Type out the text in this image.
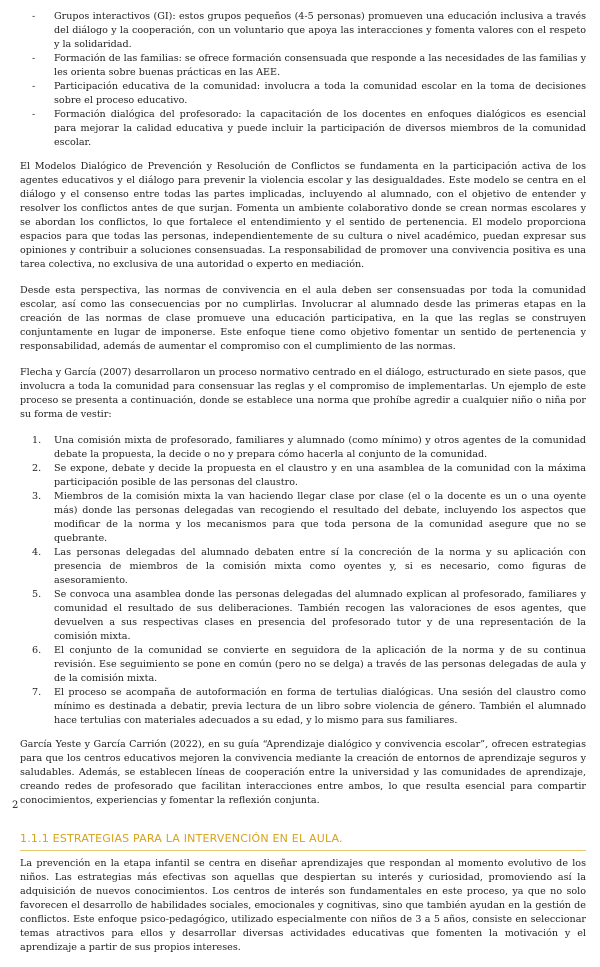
- Grupos interactivos (GI): estos grupos pequeños (4-5 personas) promueven una educación inclusiva a través del diálogo y la cooperación, con un voluntario que apoya las interacciones y fomenta valores con el respeto y la solidaridad.
- Formación de las familias: se ofrece formación consensuada que responde a las necesidades de las familias y les orienta sobre buenas prácticas en las AEE.
- Participación educativa de la comunidad: involucra a toda la comunidad escolar en la toma de decisiones sobre el proceso educativo.
- Formación dialógica del profesorado: la capacitación de los docentes en enfoques dialógicos es esencial para mejorar la calidad educativa y puede incluir la participación de diversos miembros de la comunidad escolar.

El Modelos Dialógico de Prevención y Resolución de Conflictos se fundamenta en la participación activa de los agentes educativos y el diálogo para prevenir la violencia escolar y las desigualdades. Este modelo se centra en el diálogo y el consenso entre todas las partes implicadas, incluyendo al alumnado, con el objetivo de entender y resolver los conflictos antes de que surjan. Fomenta un ambiente colaborativo donde se crean normas escolares y se abordan los conflictos, lo que fortalece el entendimiento y el sentido de pertenencia. El modelo proporciona espacios para que todas las personas, independientemente de su cultura o nivel académico, puedan expresar sus opiniones y contribuir a soluciones consensuadas. La responsabilidad de promover una convivencia positiva es una tarea colectiva, no exclusiva de una autoridad o experto en mediación.

Desde esta perspectiva, las normas de convivencia en el aula deben ser consensuadas por toda la comunidad escolar, así como las consecuencias por no cumplirlas. Involucrar al alumnado desde las primeras etapas en la creación de las normas de clase promueve una educación participativa, en la que las reglas se construyen conjuntamente en lugar de imponerse. Este enfoque tiene como objetivo fomentar un sentido de pertenencia y responsabilidad, además de aumentar el compromiso con el cumplimiento de las normas.

Flecha y García (2007) desarrollaron un proceso normativo centrado en el diálogo, estructurado en siete pasos, que involucra a toda la comunidad para consensuar las reglas y el compromiso de implementarlas. Un ejemplo de este proceso se presenta a continuación, donde se establece una norma que prohíbe agredir a cualquier niño o niña por su forma de vestir:

1. Una comisión mixta de profesorado, familiares y alumnado (como mínimo) y otros agentes de la comunidad debate la propuesta, la decide o no y prepara cómo hacerla al conjunto de la comunidad.
2. Se expone, debate y decide la propuesta en el claustro y en una asamblea de la comunidad con la máxima participación posible de las personas del claustro.
3. Miembros de la comisión mixta la van haciendo llegar clase por clase (el o la docente es un o una oyente más) donde las personas delegadas van recogiendo el resultado del debate, incluyendo los aspectos que modificar de la norma y los mecanismos para que toda persona de la comunidad asegure que no se quebrante.
4. Las personas delegadas del alumnado debaten entre sí la concreción de la norma y su aplicación con presencia de miembros de la comisión mixta como oyentes y, si es necesario, como figuras de asesoramiento.
5. Se convoca una asamblea donde las personas delegadas del alumnado explican al profesorado, familiares y comunidad el resultado de sus deliberaciones. También recogen las valoraciones de esos agentes, que devuelven a sus respectivas clases en presencia del profesorado tutor y de una representación de la comisión mixta.
6. El conjunto de la comunidad se convierte en seguidora de la aplicación de la norma y de su continua revisión. Ese seguimiento se pone en común (pero no se delga) a través de las personas delegadas de aula y de la comisión mixta.
7. El proceso se acompaña de autoformación en forma de tertulias dialógicas. Una sesión del claustro como mínimo es destinada a debatir, previa lectura de un libro sobre violencia de género. También el alumnado hace tertulias con materiales adecuados a su edad, y lo mismo para sus familiares.

García Yeste y García Carrión (2022), en su guía “Aprendizaje dialógico y convivencia escolar”, ofrecen estrategias para que los centros educativos mejoren la convivencia mediante la creación de entornos de aprendizaje seguros y saludables. Además, se establecen líneas de cooperación entre la universidad y las comunidades de aprendizaje, creando redes de profesorado que facilitan interacciones entre ambos, lo que resulta esencial para compartir conocimientos, experiencias y fomentar la reflexión conjunta.

1.1.1 ESTRATEGIAS PARA LA INTERVENCIÓN EN EL AULA.

La prevención en la etapa infantil se centra en diseñar aprendizajes que respondan al momento evolutivo de los niños. Las estrategias más efectivas son aquellas que despiertan su interés y curiosidad, promoviendo así la adquisición de nuevos conocimientos. Los centros de interés son fundamentales en este proceso, ya que no solo favorecen el desarrollo de habilidades sociales, emocionales y cognitivas, sino que también ayudan en la gestión de conflictos. Este enfoque psico-pedagógico, utilizado especialmente con niños de 3 a 5 años, consiste en seleccionar temas atractivos para ellos y desarrollar diversas actividades educativas que fomenten la motivación y el aprendizaje a partir de sus propios intereses.

2
